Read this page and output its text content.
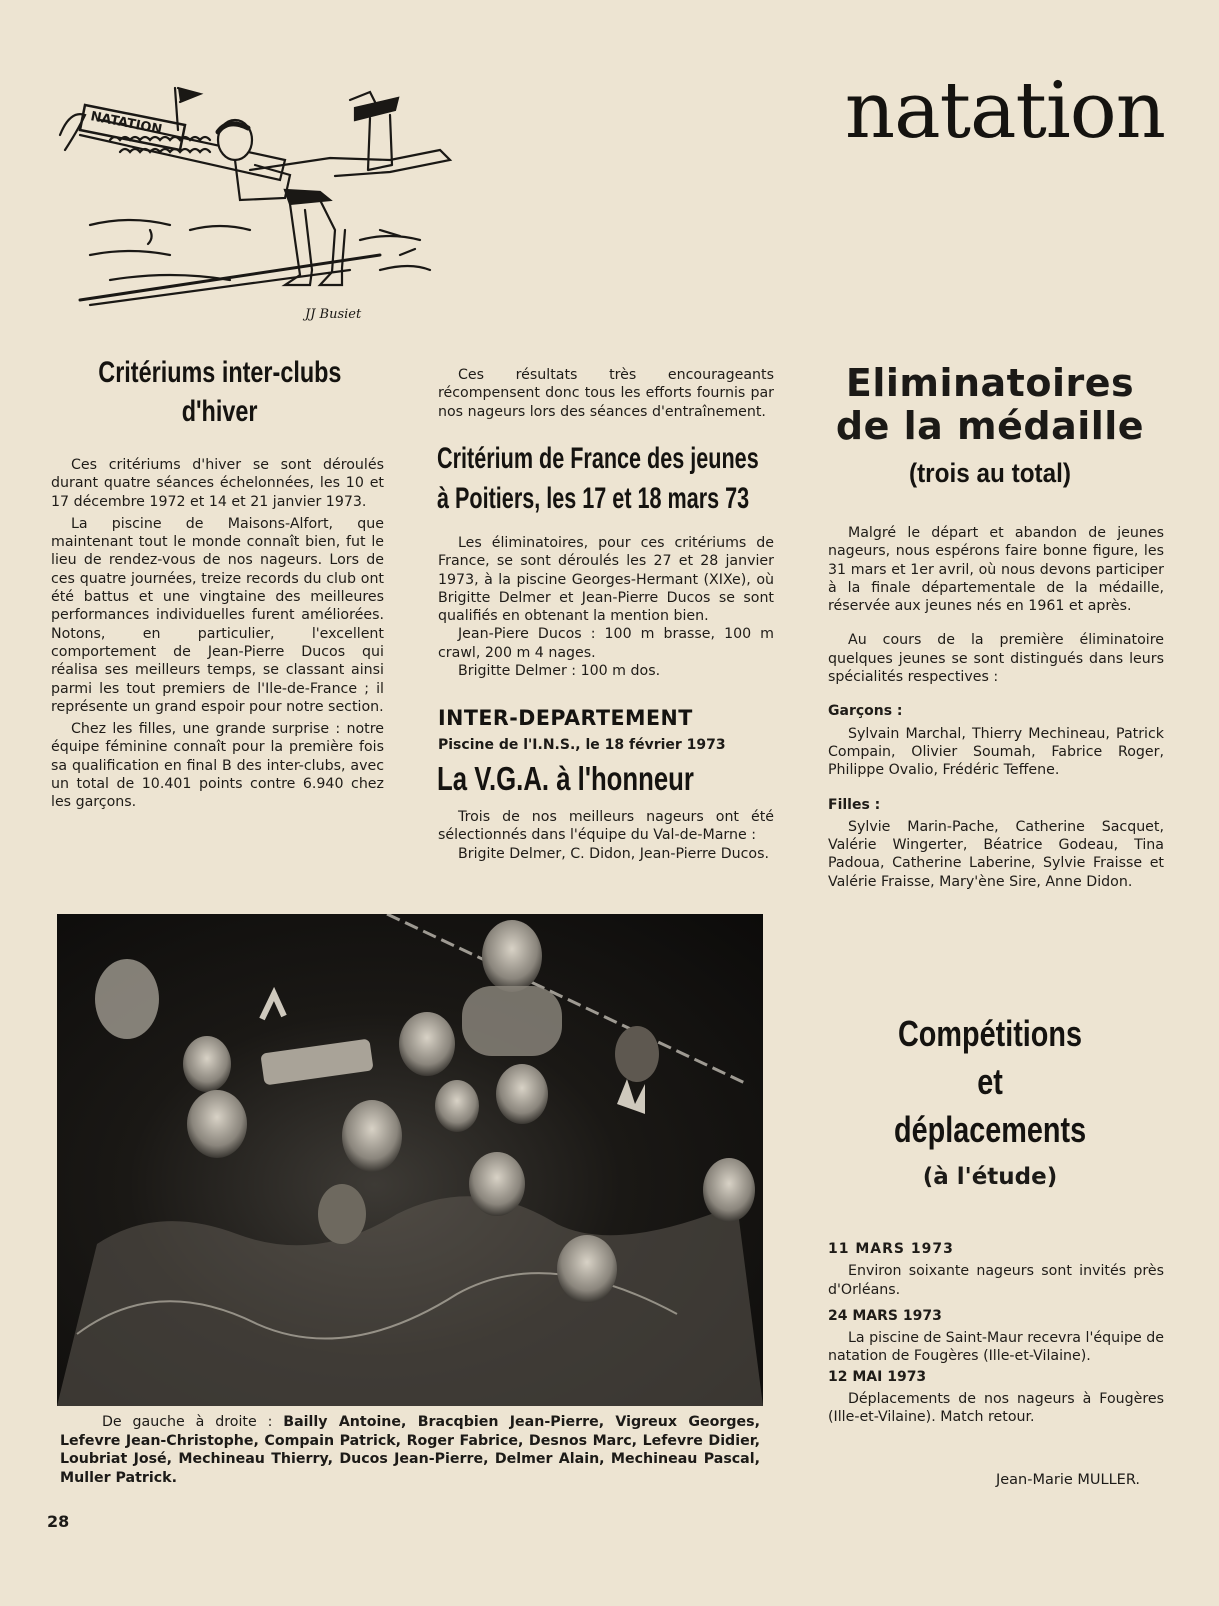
NATATION
JJ Busiet
natation
Critériums inter-clubs d'hiver

Ces critériums d'hiver se sont déroulés durant quatre séances échelonnées, les 10 et 17 décembre 1972 et 14 et 21 janvier 1973.

La piscine de Maisons-Alfort, que maintenant tout le monde connaît bien, fut le lieu de rendez-vous de nos nageurs. Lors de ces quatre journées, treize records du club ont été battus et une vingtaine des meilleures performances individuelles furent améliorées. Notons, en particulier, l'excellent comportement de Jean-Pierre Ducos qui réalisa ses meilleurs temps, se classant ainsi parmi les tout premiers de l'Ile-de-France ; il représente un grand espoir pour notre section.

Chez les filles, une grande surprise : notre équipe féminine connaît pour la première fois sa qualification en final B des inter-clubs, avec un total de 10.401 points contre 6.940 chez les garçons.

Ces résultats très encourageants récompensent donc tous les efforts fournis par nos nageurs lors des séances d'entraînement.

Critérium de France des jeunes
à Poitiers, les 17 et 18 mars 73

Les éliminatoires, pour ces critériums de France, se sont déroulés les 27 et 28 janvier 1973, à la piscine Georges-Hermant (XIXe), où Brigitte Delmer et Jean-Pierre Ducos se sont qualifiés en obtenant la mention bien.

Jean-Piere Ducos : 100 m brasse, 100 m crawl, 200 m 4 nages.

Brigitte Delmer : 100 m dos.

INTER-DEPARTEMENT
Piscine de l'I.N.S., le 18 février 1973
La V.G.A. à l'honneur

Trois de nos meilleurs nageurs ont été sélectionnés dans l'équipe du Val-de-Marne :

Brigite Delmer, C. Didon, Jean-Pierre Ducos.

Eliminatoires
de la médaille
(trois au total)

Malgré le départ et abandon de jeunes nageurs, nous espérons faire bonne figure, les 31 mars et 1er avril, où nous devons participer à la finale départementale de la médaille, réservée aux jeunes nés en 1961 et après.

Au cours de la première éliminatoire quelques jeunes se sont distingués dans leurs spécialités respectives :

Garçons :

Sylvain Marchal, Thierry Mechineau, Patrick Compain, Olivier Soumah, Fabrice Roger, Philippe Ovalio, Frédéric Teffene.

Filles :

Sylvie Marin-Pache, Catherine Sacquet, Valérie Wingerter, Béatrice Godeau, Tina Padoua, Catherine Laberine, Sylvie Fraisse et Valérie Fraisse, Mary'ène Sire, Anne Didon.

Compétitions
et
déplacements
(à l'étude)

11 MARS 1973

Environ soixante nageurs sont invités près d'Orléans.

24 MARS 1973

La piscine de Saint-Maur recevra l'équipe de natation de Fougères (Ille-et-Vilaine).

12 MAI 1973

Déplacements de nos nageurs à Fougères (Ille-et-Vilaine). Match retour.

Jean-Marie MULLER.
De gauche à droite : Bailly Antoine, Bracqbien Jean-Pierre, Vigreux Georges, Lefevre Jean-Christophe, Compain Patrick, Roger Fabrice, Desnos Marc, Lefevre Didier, Loubriat José, Mechineau Thierry, Ducos Jean-Pierre, Delmer Alain, Mechineau Pascal, Muller Patrick.
28
